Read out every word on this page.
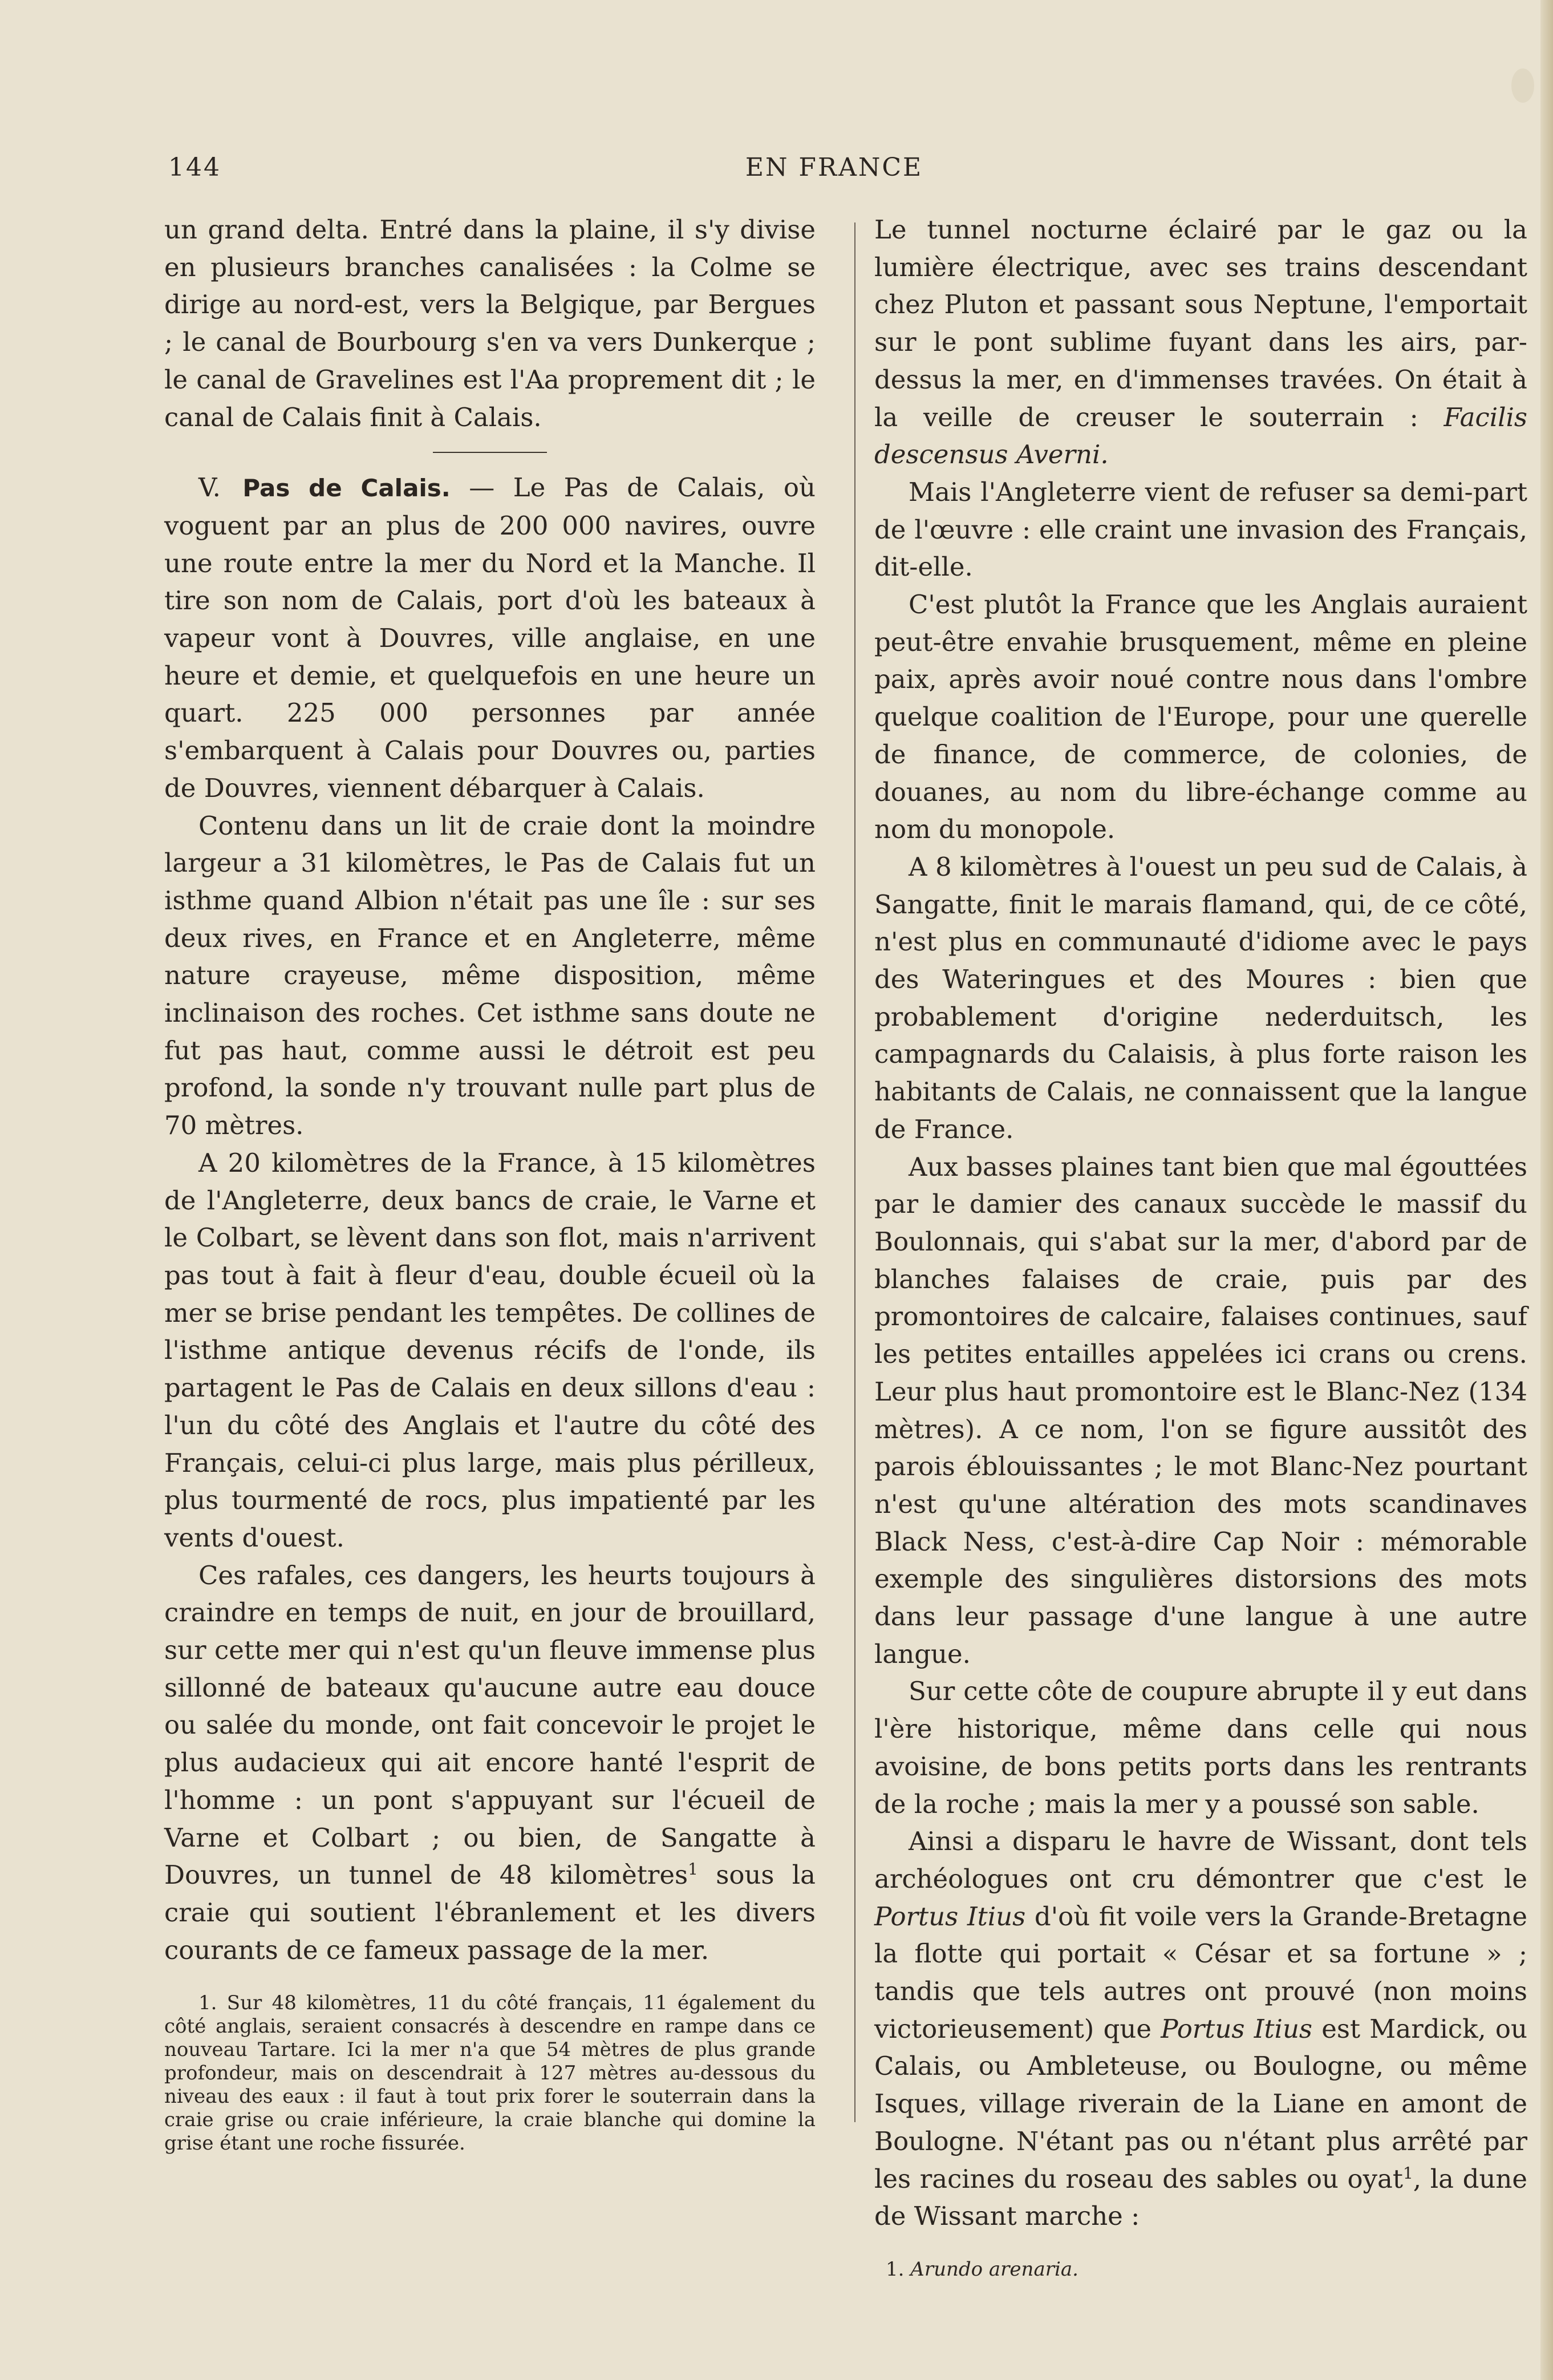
144	EN FRANCE

un grand delta. Entré dans la plaine, il s'y divise en plusieurs branches canalisées : la Colme se dirige au nord-est, vers la Belgique, par Bergues ; le canal de Bourbourg s'en va vers Dunkerque ; le canal de Gravelines est l'Aa proprement dit ; le canal de Calais finit à Calais.

V. Pas de Calais. — Le Pas de Calais, où voguent par an plus de 200 000 navires, ouvre une route entre la mer du Nord et la Manche. Il tire son nom de Calais, port d'où les bateaux à vapeur vont à Douvres, ville anglaise, en une heure et demie, et quelquefois en une heure un quart. 225 000 personnes par année s'embarquent à Calais pour Douvres ou, parties de Douvres, viennent débarquer à Calais.

Contenu dans un lit de craie dont la moindre largeur a 31 kilomètres, le Pas de Calais fut un isthme quand Albion n'était pas une île : sur ses deux rives, en France et en Angleterre, même nature crayeuse, même disposition, même inclinaison des roches. Cet isthme sans doute ne fut pas haut, comme aussi le détroit est peu profond, la sonde n'y trouvant nulle part plus de 70 mètres.

A 20 kilomètres de la France, à 15 kilomètres de l'Angleterre, deux bancs de craie, le Varne et le Colbart, se lèvent dans son flot, mais n'arrivent pas tout à fait à fleur d'eau, double écueil où la mer se brise pendant les tempêtes. De collines de l'isthme antique devenus récifs de l'onde, ils partagent le Pas de Calais en deux sillons d'eau : l'un du côté des Anglais et l'autre du côté des Français, celui-ci plus large, mais plus périlleux, plus tourmenté de rocs, plus impatienté par les vents d'ouest.

Ces rafales, ces dangers, les heurts toujours à craindre en temps de nuit, en jour de brouillard, sur cette mer qui n'est qu'un fleuve immense plus sillonné de bateaux qu'aucune autre eau douce ou salée du monde, ont fait concevoir le projet le plus audacieux qui ait encore hanté l'esprit de l'homme : un pont s'appuyant sur l'écueil de Varne et Colbart ; ou bien, de Sangatte à Douvres, un tunnel de 48 kilomètres$^1$ sous la craie qui soutient l'ébranlement et les divers courants de ce fameux passage de la mer.

1. Sur 48 kilomètres, 11 du côté français, 11 également du côté anglais, seraient consacrés à descendre en rampe dans ce nouveau Tartare. Ici la mer n'a que 54 mètres de plus grande profondeur, mais on descendrait à 127 mètres au-dessous du niveau des eaux : il faut à tout prix forer le souterrain dans la craie grise ou craie inférieure, la craie blanche qui domine la grise étant une roche fissurée.

Le tunnel nocturne éclairé par le gaz ou la lumière électrique, avec ses trains descendant chez Pluton et passant sous Neptune, l'emportait sur le pont sublime fuyant dans les airs, par-dessus la mer, en d'immenses travées. On était à la veille de creuser le souterrain : Facilis descensus Averni.

Mais l'Angleterre vient de refuser sa demi-part de l'œuvre : elle craint une invasion des Français, dit-elle.

C'est plutôt la France que les Anglais auraient peut-être envahie brusquement, même en pleine paix, après avoir noué contre nous dans l'ombre quelque coalition de l'Europe, pour une querelle de finance, de commerce, de colonies, de douanes, au nom du libre-échange comme au nom du monopole.

A 8 kilomètres à l'ouest un peu sud de Calais, à Sangatte, finit le marais flamand, qui, de ce côté, n'est plus en communauté d'idiome avec le pays des Wateringues et des Moures : bien que probablement d'origine nederduitsch, les campagnards du Calaisis, à plus forte raison les habitants de Calais, ne connaissent que la langue de France.

Aux basses plaines tant bien que mal égouttées par le damier des canaux succède le massif du Boulonnais, qui s'abat sur la mer, d'abord par de blanches falaises de craie, puis par des promontoires de calcaire, falaises continues, sauf les petites entailles appelées ici crans ou crens. Leur plus haut promontoire est le Blanc-Nez (134 mètres). A ce nom, l'on se figure aussitôt des parois éblouissantes ; le mot Blanc-Nez pourtant n'est qu'une altération des mots scandinaves Black Ness, c'est-à-dire Cap Noir : mémorable exemple des singulières distorsions des mots dans leur passage d'une langue à une autre langue.

Sur cette côte de coupure abrupte il y eut dans l'ère historique, même dans celle qui nous avoisine, de bons petits ports dans les rentrants de la roche ; mais la mer y a poussé son sable.

Ainsi a disparu le havre de Wissant, dont tels archéologues ont cru démontrer que c'est le Portus Itius d'où fit voile vers la Grande-Bretagne la flotte qui portait « César et sa fortune » ; tandis que tels autres ont prouvé (non moins victorieusement) que Portus Itius est Mardick, ou Calais, ou Ambleteuse, ou Boulogne, ou même Isques, village riverain de la Liane en amont de Boulogne. N'étant pas ou n'étant plus arrêté par les racines du roseau des sables ou oyat$^1$, la dune de Wissant marche :

1. Arundo arenaria.
